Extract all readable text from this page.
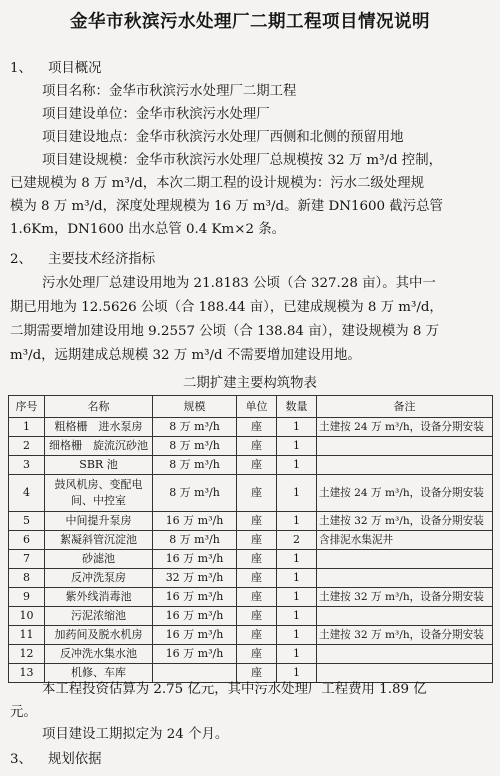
金华市秋滨污水处理厂二期工程项目情况说明
1、 项目概况
项目名称：金华市秋滨污水处理厂二期工程
项目建设单位：金华市秋滨污水处理厂
项目建设地点：金华市秋滨污水处理厂西侧和北侧的预留用地
项目建设规模：金华市秋滨污水处理厂总规模按 32 万 m³/d 控制，
已建规模为 8 万 m³/d，本次二期工程的设计规模为：污水二级处理规
模为 8 万 m³/d，深度处理规模为 16 万 m³/d。新建 DN1600 截污总管
1.6Km，DN1600 出水总管 0.4 Km×2 条。
2、 主要技术经济指标
污水处理厂总建设用地为 21.8183 公顷（合 327.28 亩）。其中一
期已用地为 12.5626 公顷（合 188.44 亩），已建成规模为 8 万 m³/d，
二期需要增加建设用地 9.2557 公顷（合 138.84 亩），建设规模为 8 万
m³/d，远期建成总规模 32 万 m³/d 不需要增加建设用地。
二期扩建主要构筑物表
序号	名称	规模	单位	数量	备注
1	粗格栅　进水泵房	8 万 m³/h	座	1	土建按 24 万 m³/h，设备分期安装
2	细格栅　旋流沉砂池	8 万 m³/h	座	1	
3	SBR 池	8 万 m³/h	座	1	
4	鼓风机房、变配电间、中控室	8 万 m³/h	座	1	土建按 24 万 m³/h，设备分期安装
5	中间提升泵房	16 万 m³/h	座	1	土建按 32 万 m³/h，设备分期安装
6	絮凝斜管沉淀池	8 万 m³/h	座	2	含排泥水集泥井
7	砂滤池	16 万 m³/h	座	1	
8	反冲洗泵房	32 万 m³/h	座	1	
9	紫外线消毒池	16 万 m³/h	座	1	土建按 32 万 m³/h，设备分期安装
10	污泥浓缩池	16 万 m³/h	座	1	
11	加药间及脱水机房	16 万 m³/h	座	1	土建按 32 万 m³/h，设备分期安装
12	反冲洗水集水池	16 万 m³/h	座	1	
13	机修、车库		座	1	
本工程投资估算为 2.75 亿元，其中污水处理厂工程费用 1.89 亿
元。
项目建设工期拟定为 24 个月。
3、 规划依据
